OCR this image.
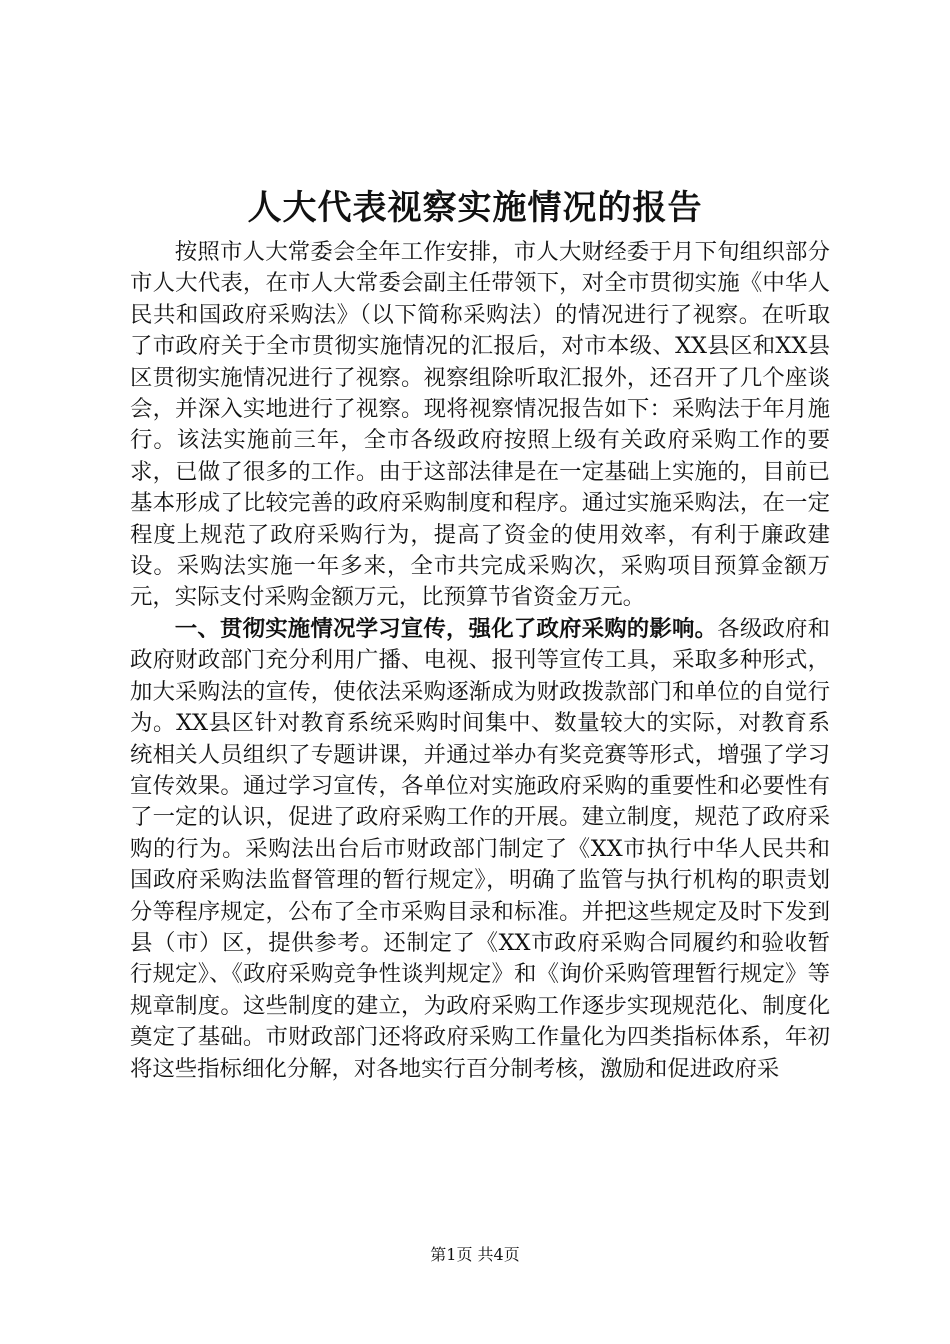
人大代表视察实施情况的报告

按照市人大常委会全年工作安排，市人大财经委于月下旬组织部分市人大代表，在市人大常委会副主任带领下，对全市贯彻实施《中华人民共和国政府采购法》（以下简称采购法）的情况进行了视察。在听取了市政府关于全市贯彻实施情况的汇报后，对市本级、XX县区和XX县区贯彻实施情况进行了视察。视察组除听取汇报外，还召开了几个座谈会，并深入实地进行了视察。现将视察情况报告如下：采购法于年月施行。该法实施前三年，全市各级政府按照上级有关政府采购工作的要求，已做了很多的工作。由于这部法律是在一定基础上实施的，目前已基本形成了比较完善的政府采购制度和程序。通过实施采购法，在一定程度上规范了政府采购行为，提高了资金的使用效率，有利于廉政建设。采购法实施一年多来，全市共完成采购次，采购项目预算金额万元，实际支付采购金额万元，比预算节省资金万元。

一、贯彻实施情况学习宣传，强化了政府采购的影响。各级政府和政府财政部门充分利用广播、电视、报刊等宣传工具，采取多种形式，加大采购法的宣传，使依法采购逐渐成为财政拨款部门和单位的自觉行为。XX县区针对教育系统采购时间集中、数量较大的实际，对教育系统相关人员组织了专题讲课，并通过举办有奖竞赛等形式，增强了学习宣传效果。通过学习宣传，各单位对实施政府采购的重要性和必要性有了一定的认识，促进了政府采购工作的开展。建立制度，规范了政府采购的行为。采购法出台后市财政部门制定了《XX市执行中华人民共和国政府采购法监督管理的暂行规定》，明确了监管与执行机构的职责划分等程序规定，公布了全市采购目录和标准。并把这些规定及时下发到县（市）区，提供参考。还制定了《XX市政府采购合同履约和验收暂行规定》、《政府采购竞争性谈判规定》和《询价采购管理暂行规定》等规章制度。这些制度的建立，为政府采购工作逐步实现规范化、制度化奠定了基础。市财政部门还将政府采购工作量化为四类指标体系，年初将这些指标细化分解，对各地实行百分制考核，激励和促进政府采

第1页 共4页
